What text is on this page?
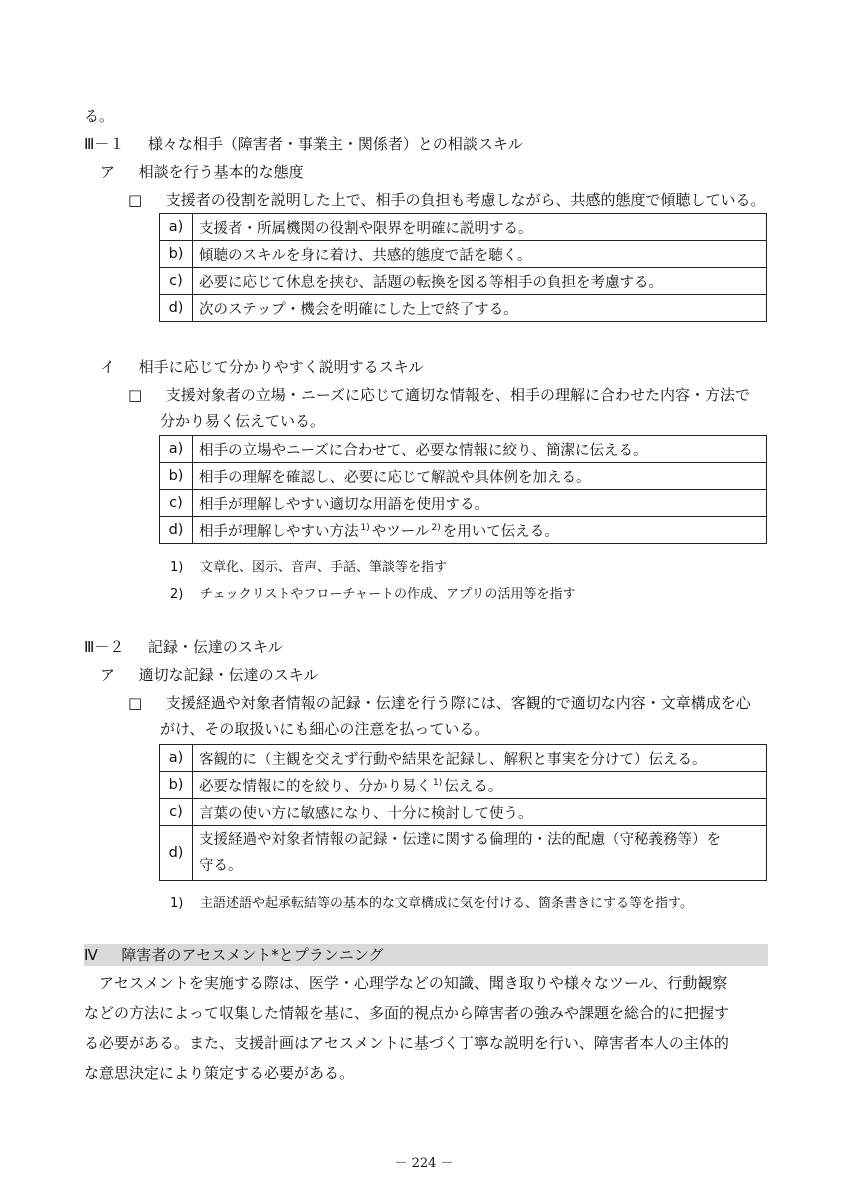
る。
Ⅲ－１ 様々な相手（障害者・事業主・関係者）との相談スキル
ア 相談を行う基本的な態度
□ 支援者の役割を説明した上で、相手の負担も考慮しながら、共感的態度で傾聴している。
a)	支援者・所属機関の役割や限界を明確に説明する。
b)	傾聴のスキルを身に着け、共感的態度で話を聴く。
c)	必要に応じて休息を挟む、話題の転換を図る等相手の負担を考慮する。
d)	次のステップ・機会を明確にした上で終了する。
イ 相手に応じて分かりやすく説明するスキル
□ 支援対象者の立場・ニーズに応じて適切な情報を、相手の理解に合わせた内容・方法で
分かり易く伝えている。
a)	相手の立場やニーズに合わせて、必要な情報に絞り、簡潔に伝える。
b)	相手の理解を確認し、必要に応じて解説や具体例を加える。
c)	相手が理解しやすい適切な用語を使用する。
d)	相手が理解しやすい方法 $^{1)}$ やツール $^{2)}$ を用いて伝える。
1) 文章化、図示、音声、手話、筆談等を指す
2) チェックリストやフローチャートの作成、アプリの活用等を指す
Ⅲ－２ 記録・伝達のスキル
ア 適切な記録・伝達のスキル
□ 支援経過や対象者情報の記録・伝達を行う際には、客観的で適切な内容・文章構成を心
がけ、その取扱いにも細心の注意を払っている。
a)	客観的に（主観を交えず行動や結果を記録し、解釈と事実を分けて）伝える。
b)	必要な情報に的を絞り、分かり易く $^{1)}$ 伝える。
c)	言葉の使い方に敏感になり、十分に検討して使う。
d)	支援経過や対象者情報の記録・伝達に関する倫理的・法的配慮（守秘義務等）を
守る。
1) 主語述語や起承転結等の基本的な文章構成に気を付ける、箇条書きにする等を指す。
Ⅳ 障害者のアセスメント*とプランニング
　アセスメントを実施する際は、医学・心理学などの知識、聞き取りや様々なツール、行動観察
などの方法によって収集した情報を基に、多面的視点から障害者の強みや課題を総合的に把握す
る必要がある。また、支援計画はアセスメントに基づく丁寧な説明を行い、障害者本人の主体的
な意思決定により策定する必要がある。
－ 224 －
